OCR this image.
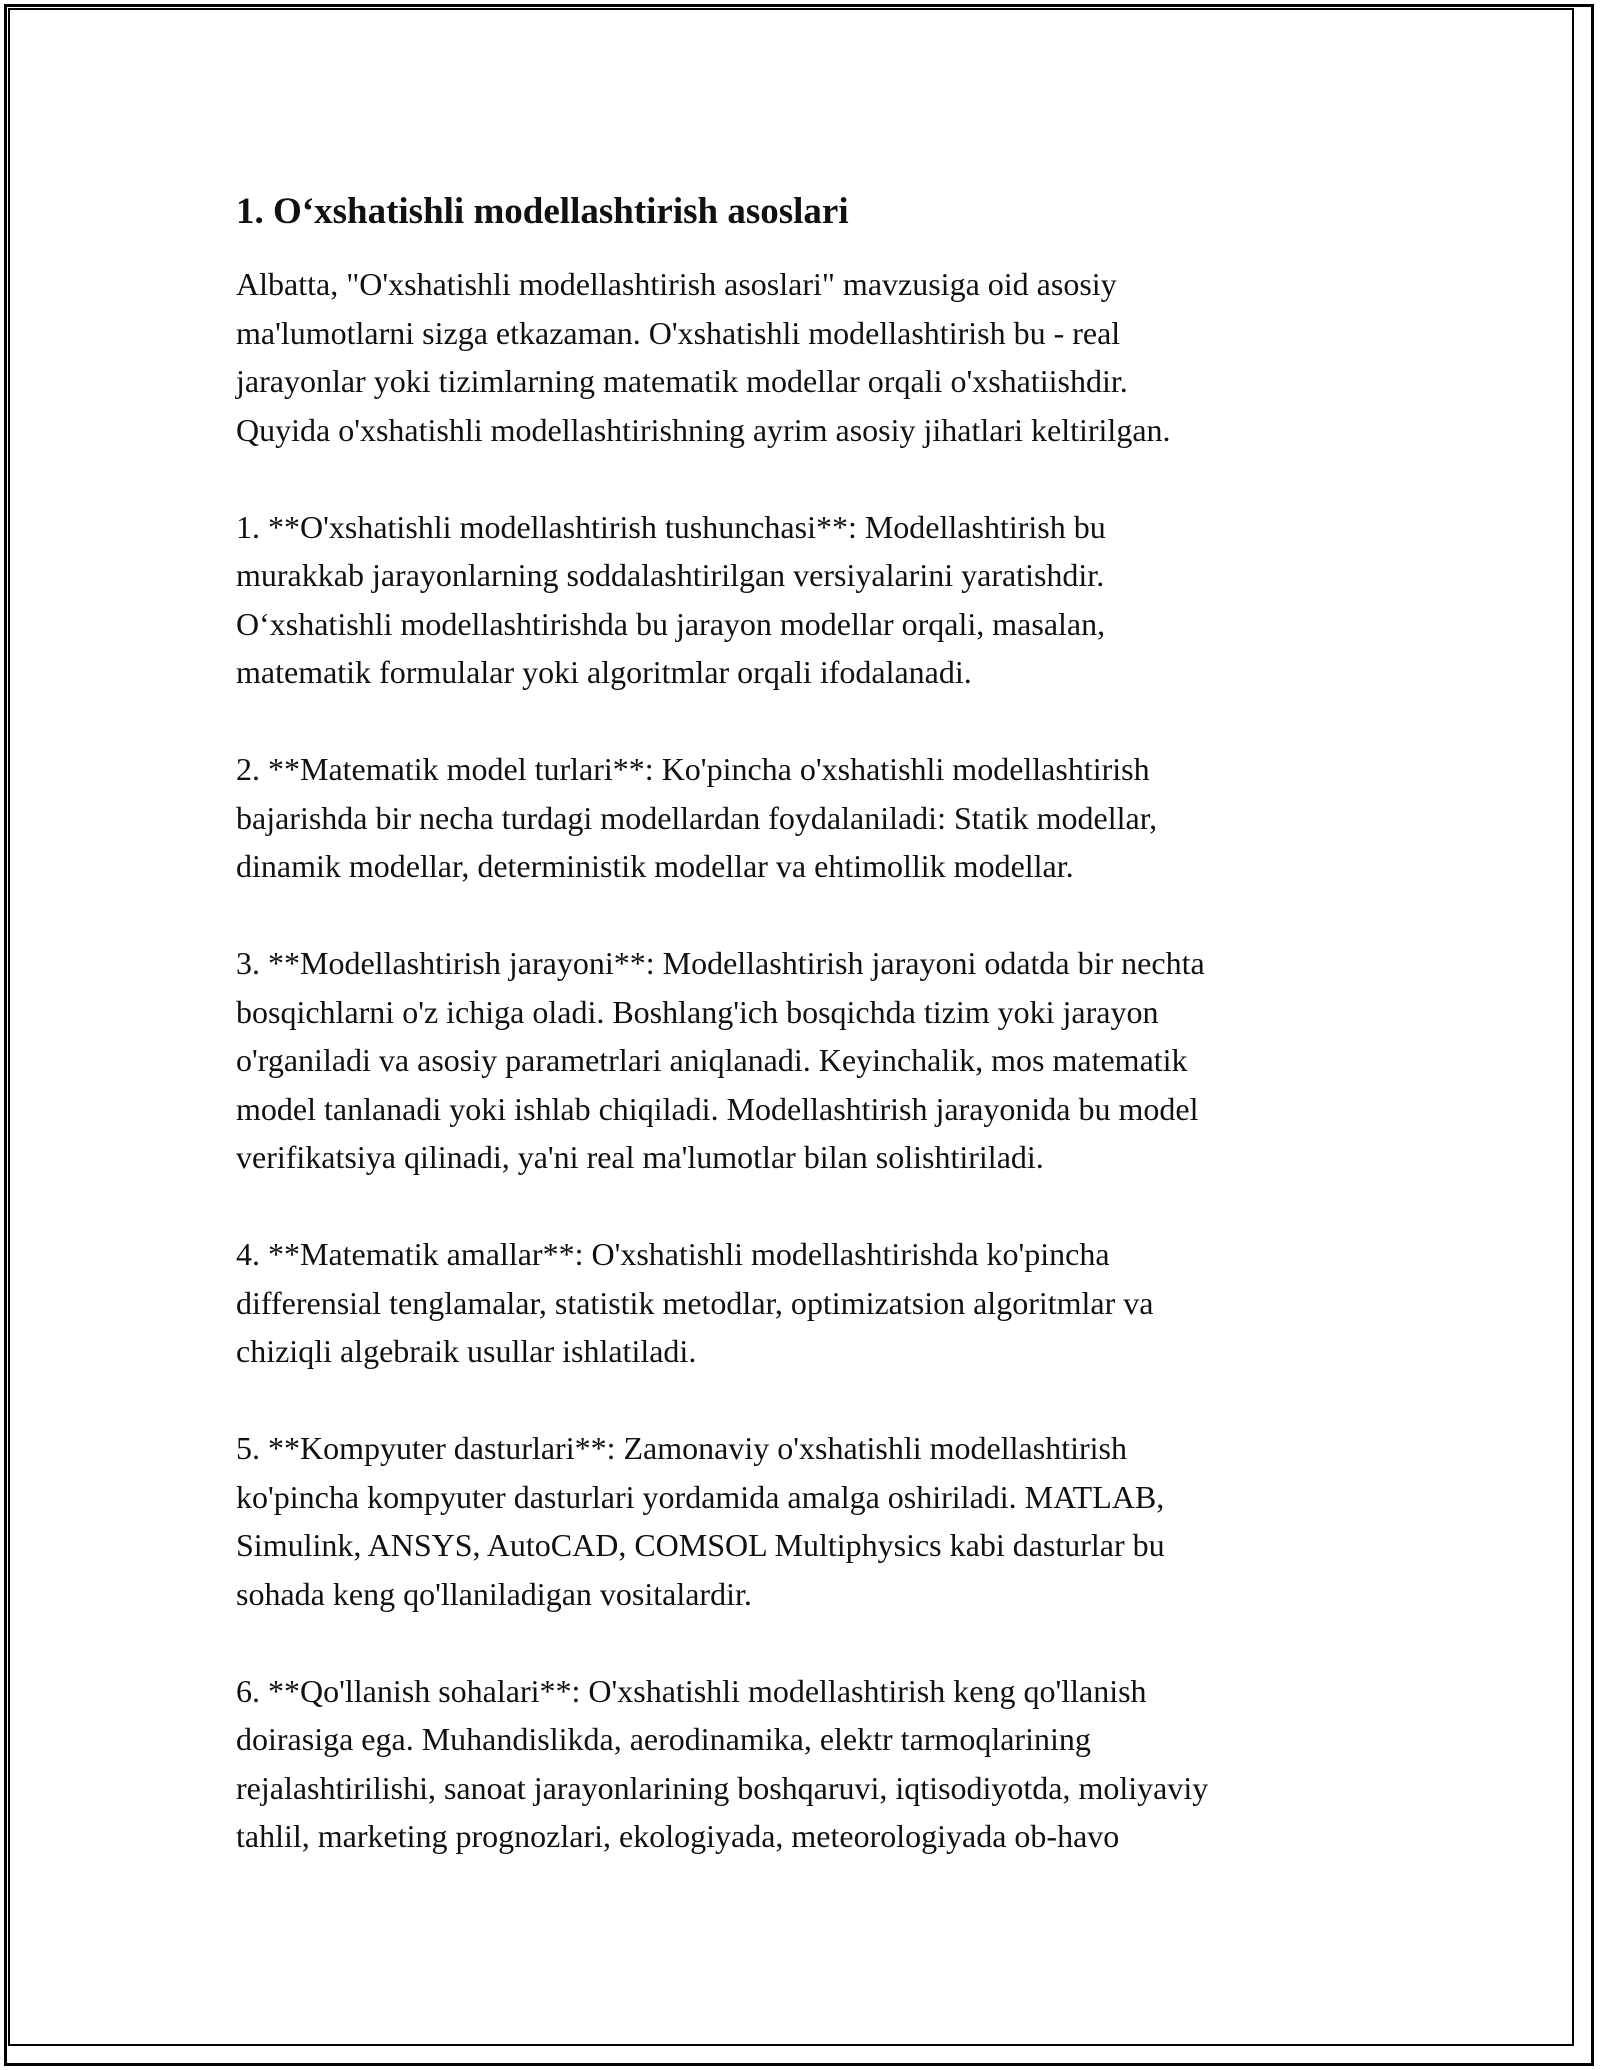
1. O‘xshatishli modellashtirish asoslari
Albatta, "O'xshatishli modellashtirish asoslari" mavzusiga oid asosiy
ma'lumotlarni sizga etkazaman. O'xshatishli modellashtirish bu - real
jarayonlar yoki tizimlarning matematik modellar orqali o'xshatiishdir.
Quyida o'xshatishli modellashtirishning ayrim asosiy jihatlari keltirilgan.
1. **O'xshatishli modellashtirish tushunchasi**: Modellashtirish bu
murakkab jarayonlarning soddalashtirilgan versiyalarini yaratishdir.
O‘xshatishli modellashtirishda bu jarayon modellar orqali, masalan,
matematik formulalar yoki algoritmlar orqali ifodalanadi.
2. **Matematik model turlari**: Ko'pincha o'xshatishli modellashtirish
bajarishda bir necha turdagi modellardan foydalaniladi: Statik modellar,
dinamik modellar, deterministik modellar va ehtimollik modellar.
3. **Modellashtirish jarayoni**: Modellashtirish jarayoni odatda bir nechta
bosqichlarni o'z ichiga oladi. Boshlang'ich bosqichda tizim yoki jarayon
o'rganiladi va asosiy parametrlari aniqlanadi. Keyinchalik, mos matematik
model tanlanadi yoki ishlab chiqiladi. Modellashtirish jarayonida bu model
verifikatsiya qilinadi, ya'ni real ma'lumotlar bilan solishtiriladi.
4. **Matematik amallar**: O'xshatishli modellashtirishda ko'pincha
differensial tenglamalar, statistik metodlar, optimizatsion algoritmlar va
chiziqli algebraik usullar ishlatiladi.
5. **Kompyuter dasturlari**: Zamonaviy o'xshatishli modellashtirish
ko'pincha kompyuter dasturlari yordamida amalga oshiriladi. MATLAB,
Simulink, ANSYS, AutoCAD, COMSOL Multiphysics kabi dasturlar bu
sohada keng qo'llaniladigan vositalardir.
6. **Qo'llanish sohalari**: O'xshatishli modellashtirish keng qo'llanish
doirasiga ega. Muhandislikda, aerodinamika, elektr tarmoqlarining
rejalashtirilishi, sanoat jarayonlarining boshqaruvi, iqtisodiyotda, moliyaviy
tahlil, marketing prognozlari, ekologiyada, meteorologiyada ob-havo
